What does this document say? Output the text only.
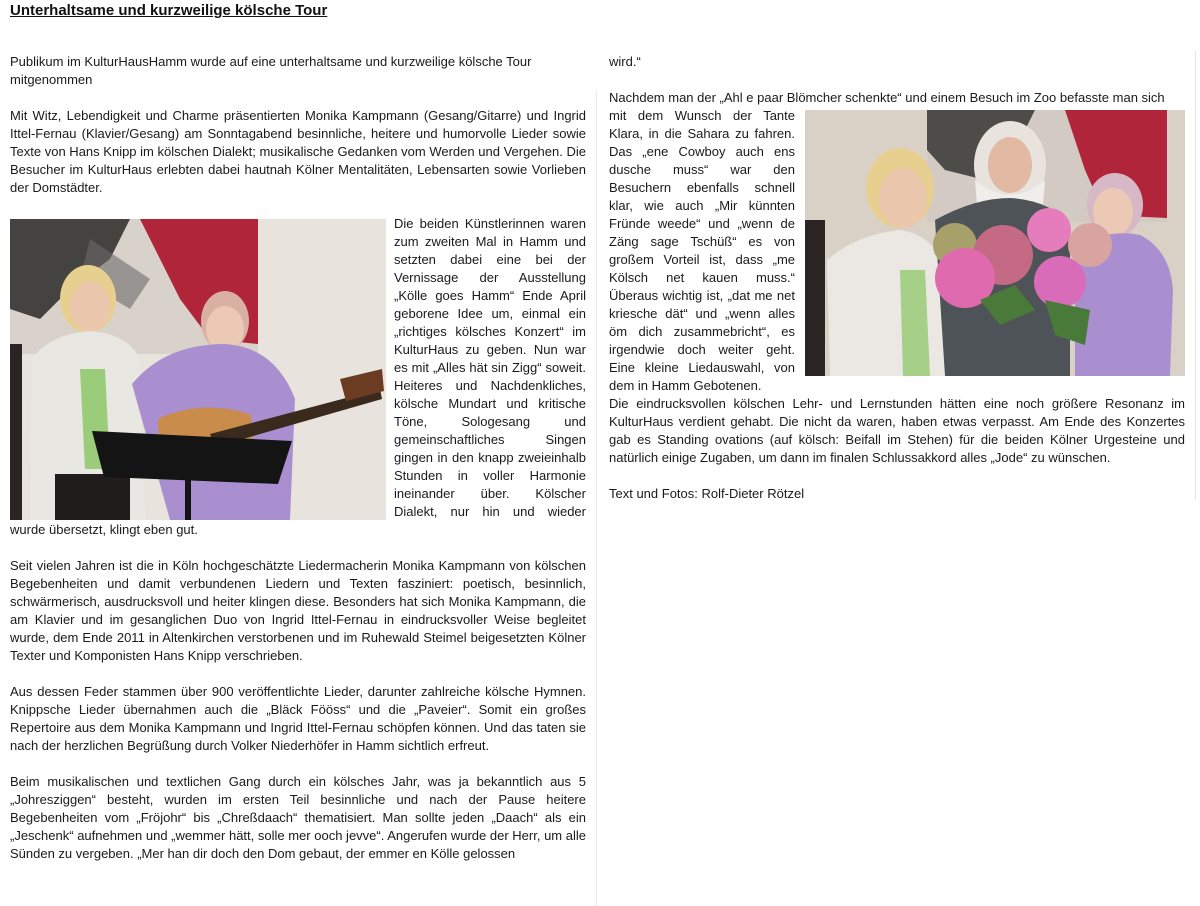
Unterhaltsame und kurzweilige kölsche Tour

Publikum im KulturHausHamm wurde auf eine unterhaltsame und kurzweilige kölsche Tour mitgenommen

Mit Witz, Lebendigkeit und Charme präsentierten Monika Kampmann (Gesang/Gitarre) und Ingrid Ittel-Fernau (Klavier/Gesang) am Sonntagabend besinnliche, heitere und humorvolle Lieder sowie Texte von Hans Knipp im kölschen Dialekt; musikalische Gedanken vom Werden und Vergehen. Die Besucher im KulturHaus erlebten dabei hautnah Kölner Mentalitäten, Lebensarten sowie Vorlieben der Domstädter.

Die beiden Künstlerinnen waren zum zweiten Mal in Hamm und setzten dabei eine bei der Vernissage der Ausstellung „Kölle goes Hamm“ Ende April geborene Idee um, einmal ein „richtiges kölsches Konzert“ im KulturHaus zu geben. Nun war es mit „Alles hät sin Zigg“ soweit. Heiteres und Nachdenkliches, kölsche Mundart und kritische Töne, Sologesang und gemeinschaftliches Singen gingen in den knapp zweieinhalb Stunden in voller Harmonie ineinander über. Kölscher Dialekt, nur hin und wieder wurde übersetzt, klingt eben gut.

Seit vielen Jahren ist die in Köln hochgeschätzte Liedermacherin Monika Kampmann von kölschen Begebenheiten und damit verbundenen Liedern und Texten fasziniert: poetisch, besinnlich, schwärmerisch, ausdrucksvoll und heiter klingen diese. Besonders hat sich Monika Kampmann, die am Klavier und im gesanglichen Duo von Ingrid Ittel-Fernau in eindrucksvoller Weise begleitet wurde, dem Ende 2011 in Altenkirchen verstorbenen und im Ruhewald Steimel beigesetzten Kölner Texter und Komponisten Hans Knipp verschrieben.

Aus dessen Feder stammen über 900 veröffentlichte Lieder, darunter zahlreiche kölsche Hymnen. Knippsche Lieder übernahmen auch die „Bläck Fööss“ und die „Paveier“. Somit ein großes Repertoire aus dem Monika Kampmann und Ingrid Ittel-Fernau schöpfen können. Und das taten sie nach der herzlichen Begrüßung durch Volker Niederhöfer in Hamm sichtlich erfreut.

Beim musikalischen und textlichen Gang durch ein kölsches Jahr, was ja bekanntlich aus 5 „Johresziggen“ besteht, wurden im ersten Teil besinnliche und nach der Pause heitere Begebenheiten vom „Fröjohr“ bis „Chreßdaach“ thematisiert. Man sollte jeden „Daach“ als ein „Jeschenk“ aufnehmen und „wemmer hätt, solle mer ooch jevve“. Angerufen wurde der Herr, um alle Sünden zu vergeben. „Mer han dir doch den Dom gebaut, der emmer en Kölle gelossen

wird.“

Nachdem man der „Ahl e paar Blömcher schenkte“ und einem Besuch im Zoo befasste man sich

mit dem Wunsch der Tante Klara, in die Sahara zu fahren. Das „ene Cowboy auch ens dusche muss“ war den Besuchern ebenfalls schnell klar, wie auch „Mir künnten Fründe weede“ und „wenn de Zäng sage Tschüß“ es von großem Vorteil ist, dass „me Kölsch net kauen muss.“ Überaus wichtig ist, „dat me net kriesche dät“ und „wenn alles öm dich zusammebricht“, es irgendwie doch weiter geht. Eine kleine Liedauswahl, von dem in Hamm Gebotenen.

Die eindrucksvollen kölschen Lehr- und Lernstunden hätten eine noch größere Resonanz im KulturHaus verdient gehabt. Die nicht da waren, haben etwas verpasst. Am Ende des Konzertes gab es Standing ovations (auf kölsch: Beifall im Stehen) für die beiden Kölner Urgesteine und natürlich einige Zugaben, um dann im finalen Schlussakkord alles „Jode“ zu wünschen.

Text und Fotos: Rolf-Dieter Rötzel
